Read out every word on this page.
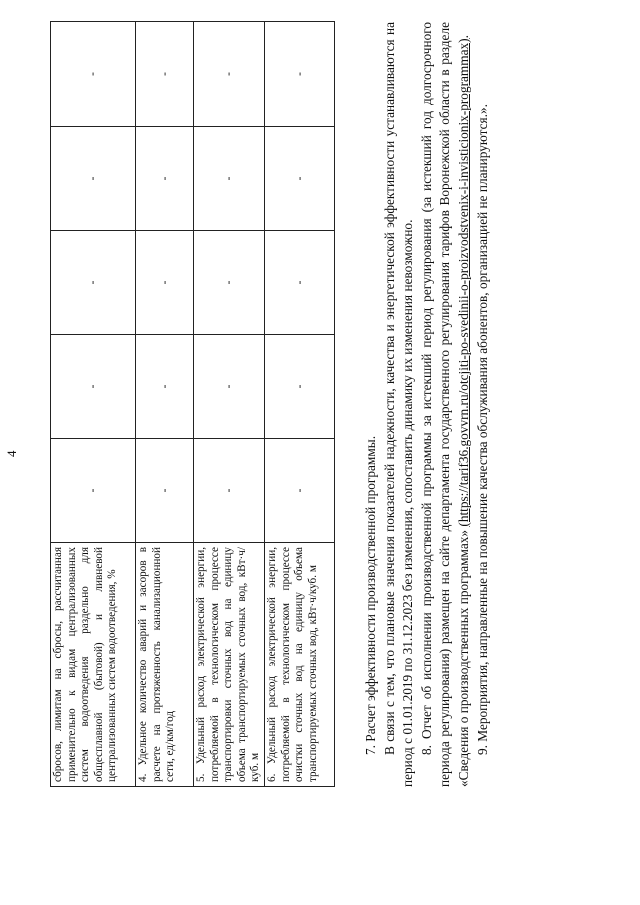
4
сбросов, лимитам на сбросы, рассчитанная применительно к видам централизованных систем водоотведения раздельно для общесплавной (бытовой) и ливневой централизованных систем водоотведения, %	-	-	-	-	-
4. Удельное количество аварий и засоров в расчете на протяженность канализационной сети, ед/км/год	-	-	-	-	-
5. Удельный расход электрической энергии, потребляемой в технологическом процессе транспортировки сточных вод на единицу объема транспортируемых сточных вод, кВт·ч/куб. м	-	-	-	-	-
6. Удельный расход электрической энергии, потребляемой в технологическом процессе очистки сточных вод на единицу объема транспортируемых сточных вод, кВт·ч/куб. м	-	-	-	-	-

7. Расчет эффективности производственной программы. В связи с тем, что плановые значения показателей надежности, качества и энергетической эффективности устанавливаются на период с 01.01.2019 по 31.12.2023 без изменения, сопоставить динамику их изменения невозможно. 8. Отчет об исполнении производственной программы за истекший период регулирования (за истекший год долгосрочного периода регулирования) размещен на сайте департамента государственного регулирования тарифов Воронежской области в разделе «Сведения о производственных программах» (https://tarif36.govvrn.ru/otcjiti-po-svedinii-o-proizvodstvenix-i-invisticionix-programmax).

9. Мероприятия, направленные на повышение качества обслуживания абонентов, организацией не планируются.».
